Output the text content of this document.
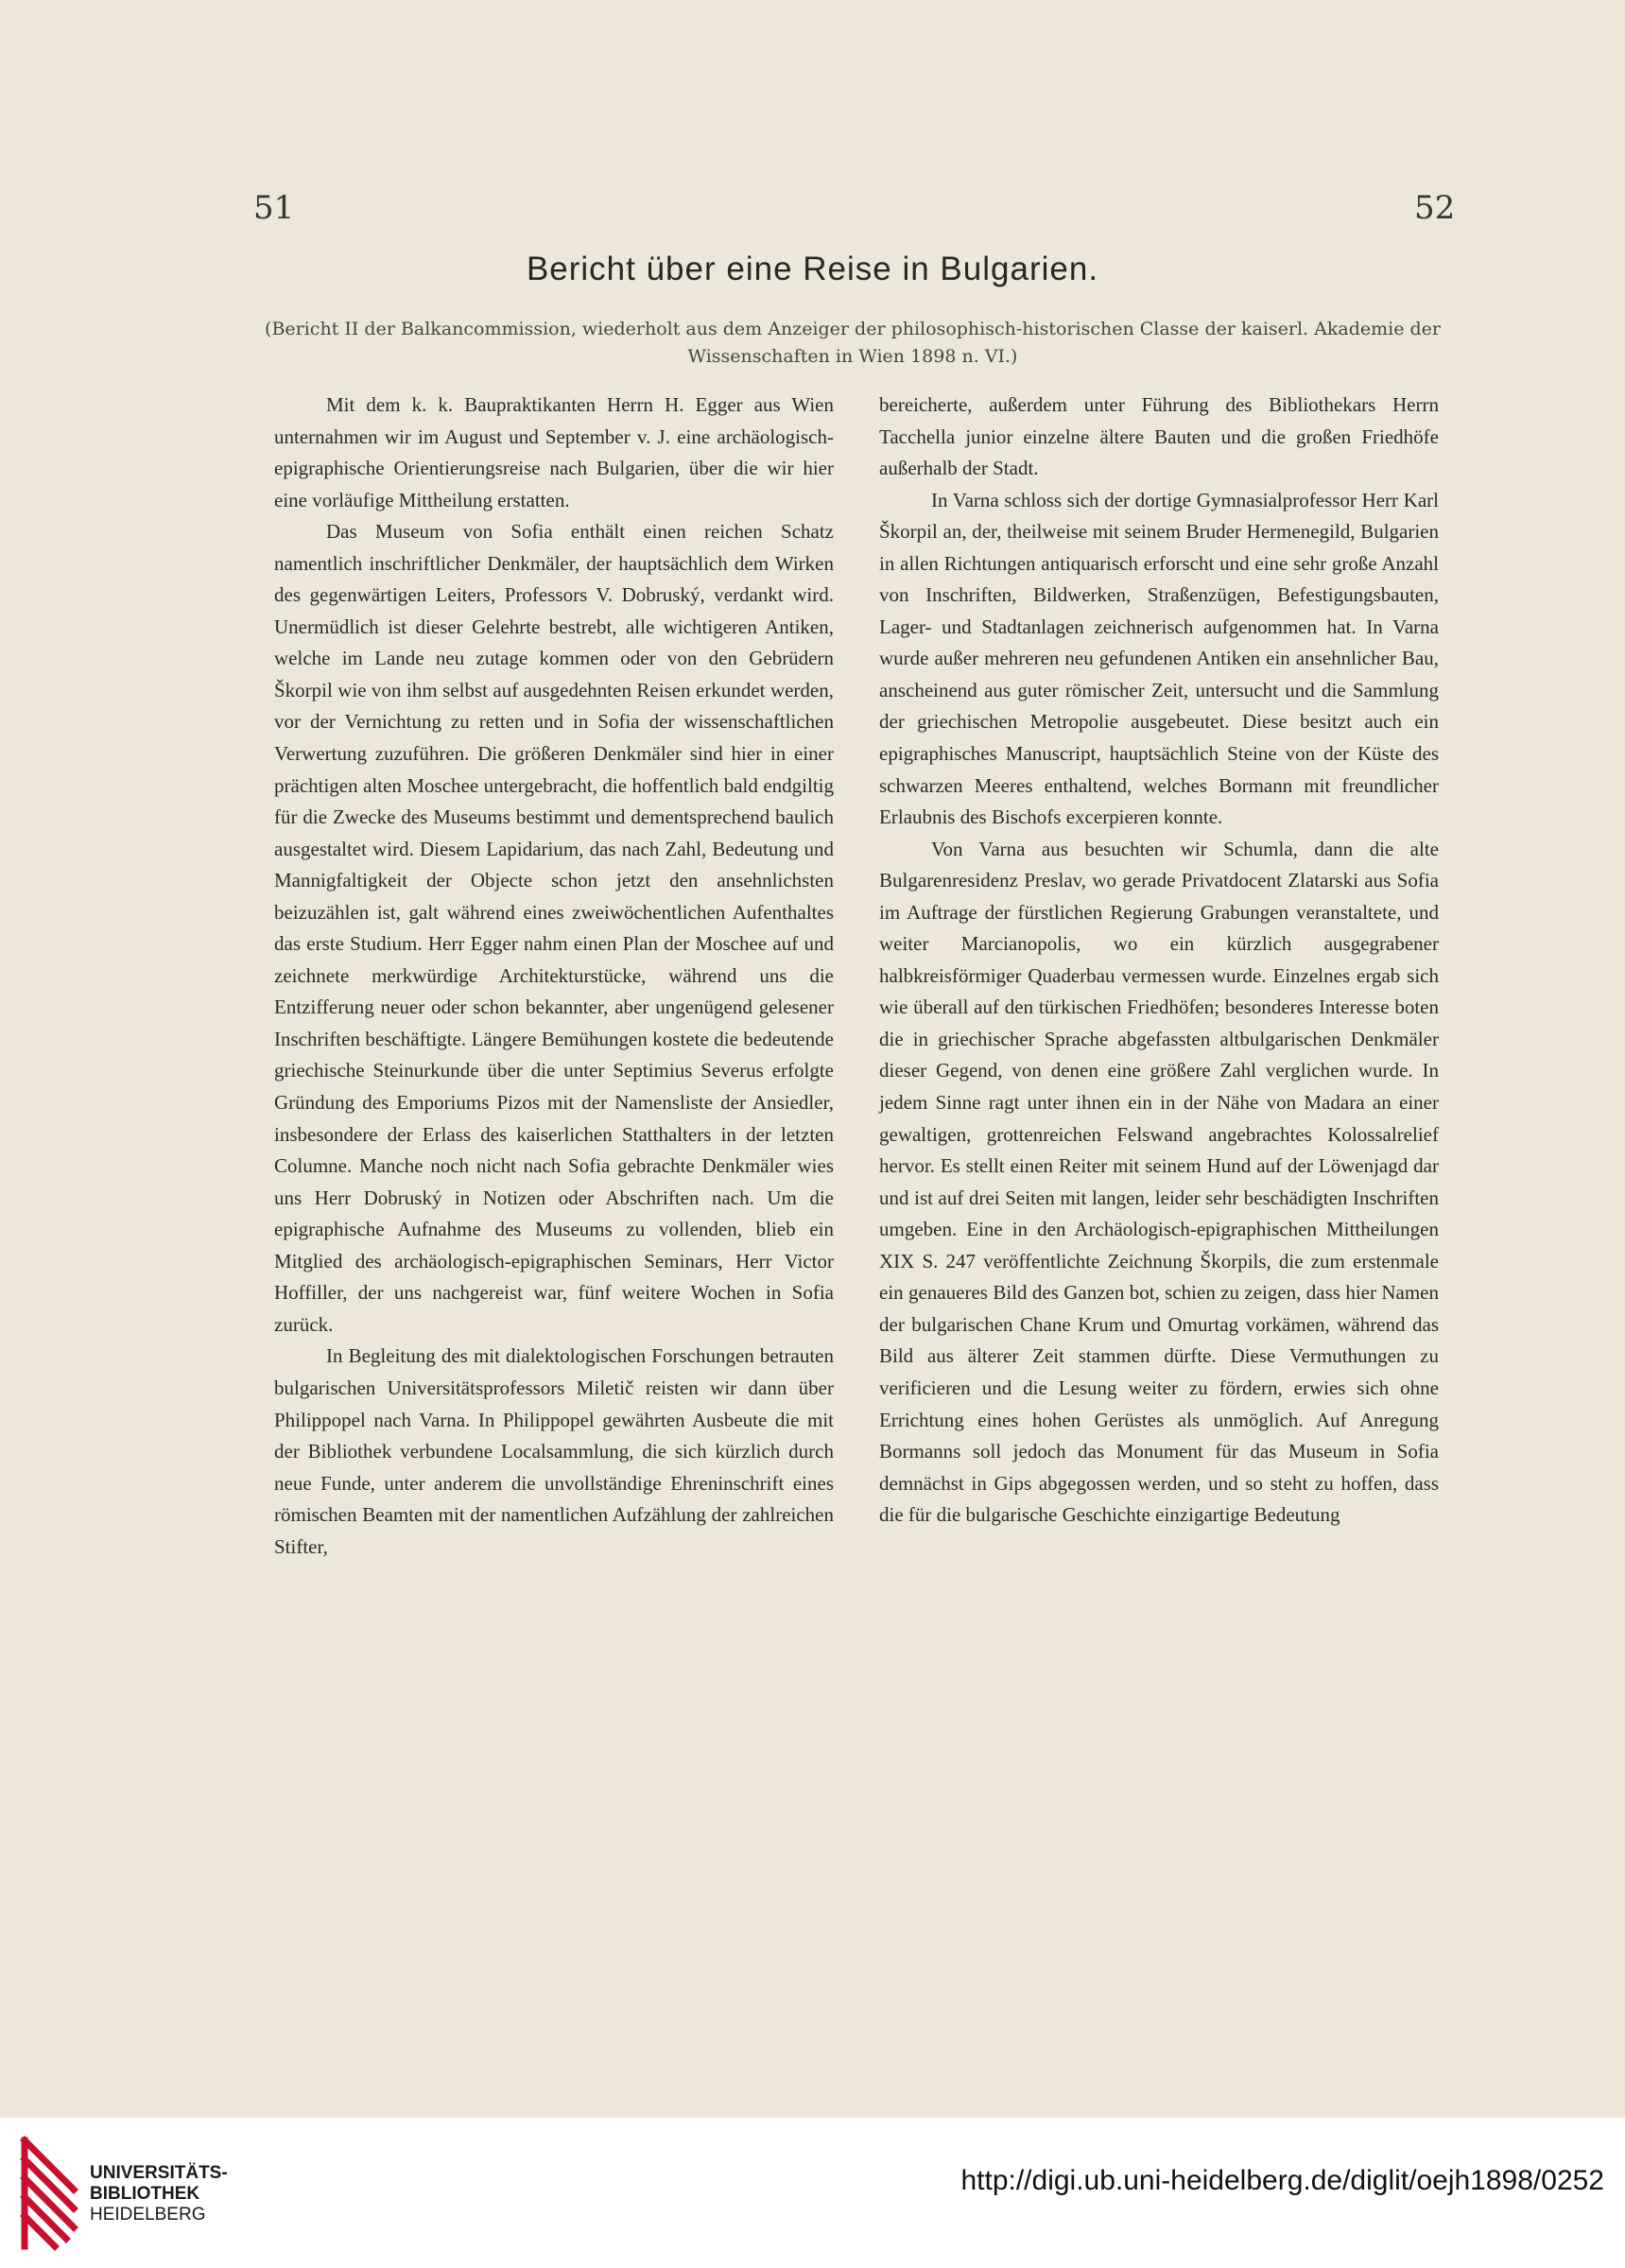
51	52
Bericht über eine Reise in Bulgarien.
(Bericht II der Balkancommission, wiederholt aus dem Anzeiger der philosophisch-historischen Classe der kaiserl. Akademie der Wissenschaften in Wien 1898 n. VI.)

Mit dem k. k. Baupraktikanten Herrn H. Egger aus Wien unternahmen wir im August und September v. J. eine archäologisch-epigraphische Orientierungsreise nach Bulgarien, über die wir hier eine vorläufige Mittheilung erstatten.

Das Museum von Sofia enthält einen reichen Schatz namentlich inschriftlicher Denkmäler, der hauptsächlich dem Wirken des gegenwärtigen Leiters, Professors V. Dobruský, verdankt wird. Unermüdlich ist dieser Gelehrte bestrebt, alle wichtigeren Antiken, welche im Lande neu zutage kommen oder von den Gebrüdern Škorpil wie von ihm selbst auf ausgedehnten Reisen erkundet werden, vor der Vernichtung zu retten und in Sofia der wissenschaftlichen Verwertung zuzuführen. Die größeren Denkmäler sind hier in einer prächtigen alten Moschee untergebracht, die hoffentlich bald endgiltig für die Zwecke des Museums bestimmt und dementsprechend baulich ausgestaltet wird. Diesem Lapidarium, das nach Zahl, Bedeutung und Mannigfaltigkeit der Objecte schon jetzt den ansehnlichsten beizuzählen ist, galt während eines zweiwöchentlichen Aufenthaltes das erste Studium. Herr Egger nahm einen Plan der Moschee auf und zeichnete merkwürdige Architekturstücke, während uns die Entzifferung neuer oder schon bekannter, aber ungenügend gelesener Inschriften beschäftigte. Längere Bemühungen kostete die bedeutende griechische Steinurkunde über die unter Septimius Severus erfolgte Gründung des Emporiums Pizos mit der Namensliste der Ansiedler, insbesondere der Erlass des kaiserlichen Statthalters in der letzten Columne. Manche noch nicht nach Sofia gebrachte Denkmäler wies uns Herr Dobruský in Notizen oder Abschriften nach. Um die epigraphische Aufnahme des Museums zu vollenden, blieb ein Mitglied des archäologisch-epigraphischen Seminars, Herr Victor Hoffiller, der uns nachgereist war, fünf weitere Wochen in Sofia zurück.

In Begleitung des mit dialektologischen Forschungen betrauten bulgarischen Universitätsprofessors Miletič reisten wir dann über Philippopel nach Varna. In Philippopel gewährten Ausbeute die mit der Bibliothek verbundene Localsammlung, die sich kürzlich durch neue Funde, unter anderem die unvollständige Ehreninschrift eines römischen Beamten mit der namentlichen Aufzählung der zahlreichen Stifter,

bereicherte, außerdem unter Führung des Bibliothekars Herrn Tacchella junior einzelne ältere Bauten und die großen Friedhöfe außerhalb der Stadt.

In Varna schloss sich der dortige Gymnasialprofessor Herr Karl Škorpil an, der, theilweise mit seinem Bruder Hermenegild, Bulgarien in allen Richtungen antiquarisch erforscht und eine sehr große Anzahl von Inschriften, Bildwerken, Straßenzügen, Befestigungsbauten, Lager- und Stadtanlagen zeichnerisch aufgenommen hat. In Varna wurde außer mehreren neu gefundenen Antiken ein ansehnlicher Bau, anscheinend aus guter römischer Zeit, untersucht und die Sammlung der griechischen Metropolie ausgebeutet. Diese besitzt auch ein epigraphisches Manuscript, hauptsächlich Steine von der Küste des schwarzen Meeres enthaltend, welches Bormann mit freundlicher Erlaubnis des Bischofs excerpieren konnte.

Von Varna aus besuchten wir Schumla, dann die alte Bulgarenresidenz Preslav, wo gerade Privatdocent Zlatarski aus Sofia im Auftrage der fürstlichen Regierung Grabungen veranstaltete, und weiter Marcianopolis, wo ein kürzlich ausgegrabener halbkreisförmiger Quaderbau vermessen wurde. Einzelnes ergab sich wie überall auf den türkischen Friedhöfen; besonderes Interesse boten die in griechischer Sprache abgefassten altbulgarischen Denkmäler dieser Gegend, von denen eine größere Zahl verglichen wurde. In jedem Sinne ragt unter ihnen ein in der Nähe von Madara an einer gewaltigen, grottenreichen Felswand angebrachtes Kolossalrelief hervor. Es stellt einen Reiter mit seinem Hund auf der Löwenjagd dar und ist auf drei Seiten mit langen, leider sehr beschädigten Inschriften umgeben. Eine in den Archäologisch-epigraphischen Mittheilungen XIX S. 247 veröffentlichte Zeichnung Škorpils, die zum erstenmale ein genaueres Bild des Ganzen bot, schien zu zeigen, dass hier Namen der bulgarischen Chane Krum und Omurtag vorkämen, während das Bild aus älterer Zeit stammen dürfte. Diese Vermuthungen zu verificieren und die Lesung weiter zu fördern, erwies sich ohne Errichtung eines hohen Gerüstes als unmöglich. Auf Anregung Bormanns soll jedoch das Monument für das Museum in Sofia demnächst in Gips abgegossen werden, und so steht zu hoffen, dass die für die bulgarische Geschichte einzigartige Bedeutung

UNIVERSITÄTS-
BIBLIOTHEK
HEIDELBERG
http://digi.ub.uni-heidelberg.de/diglit/oejh1898/0252
